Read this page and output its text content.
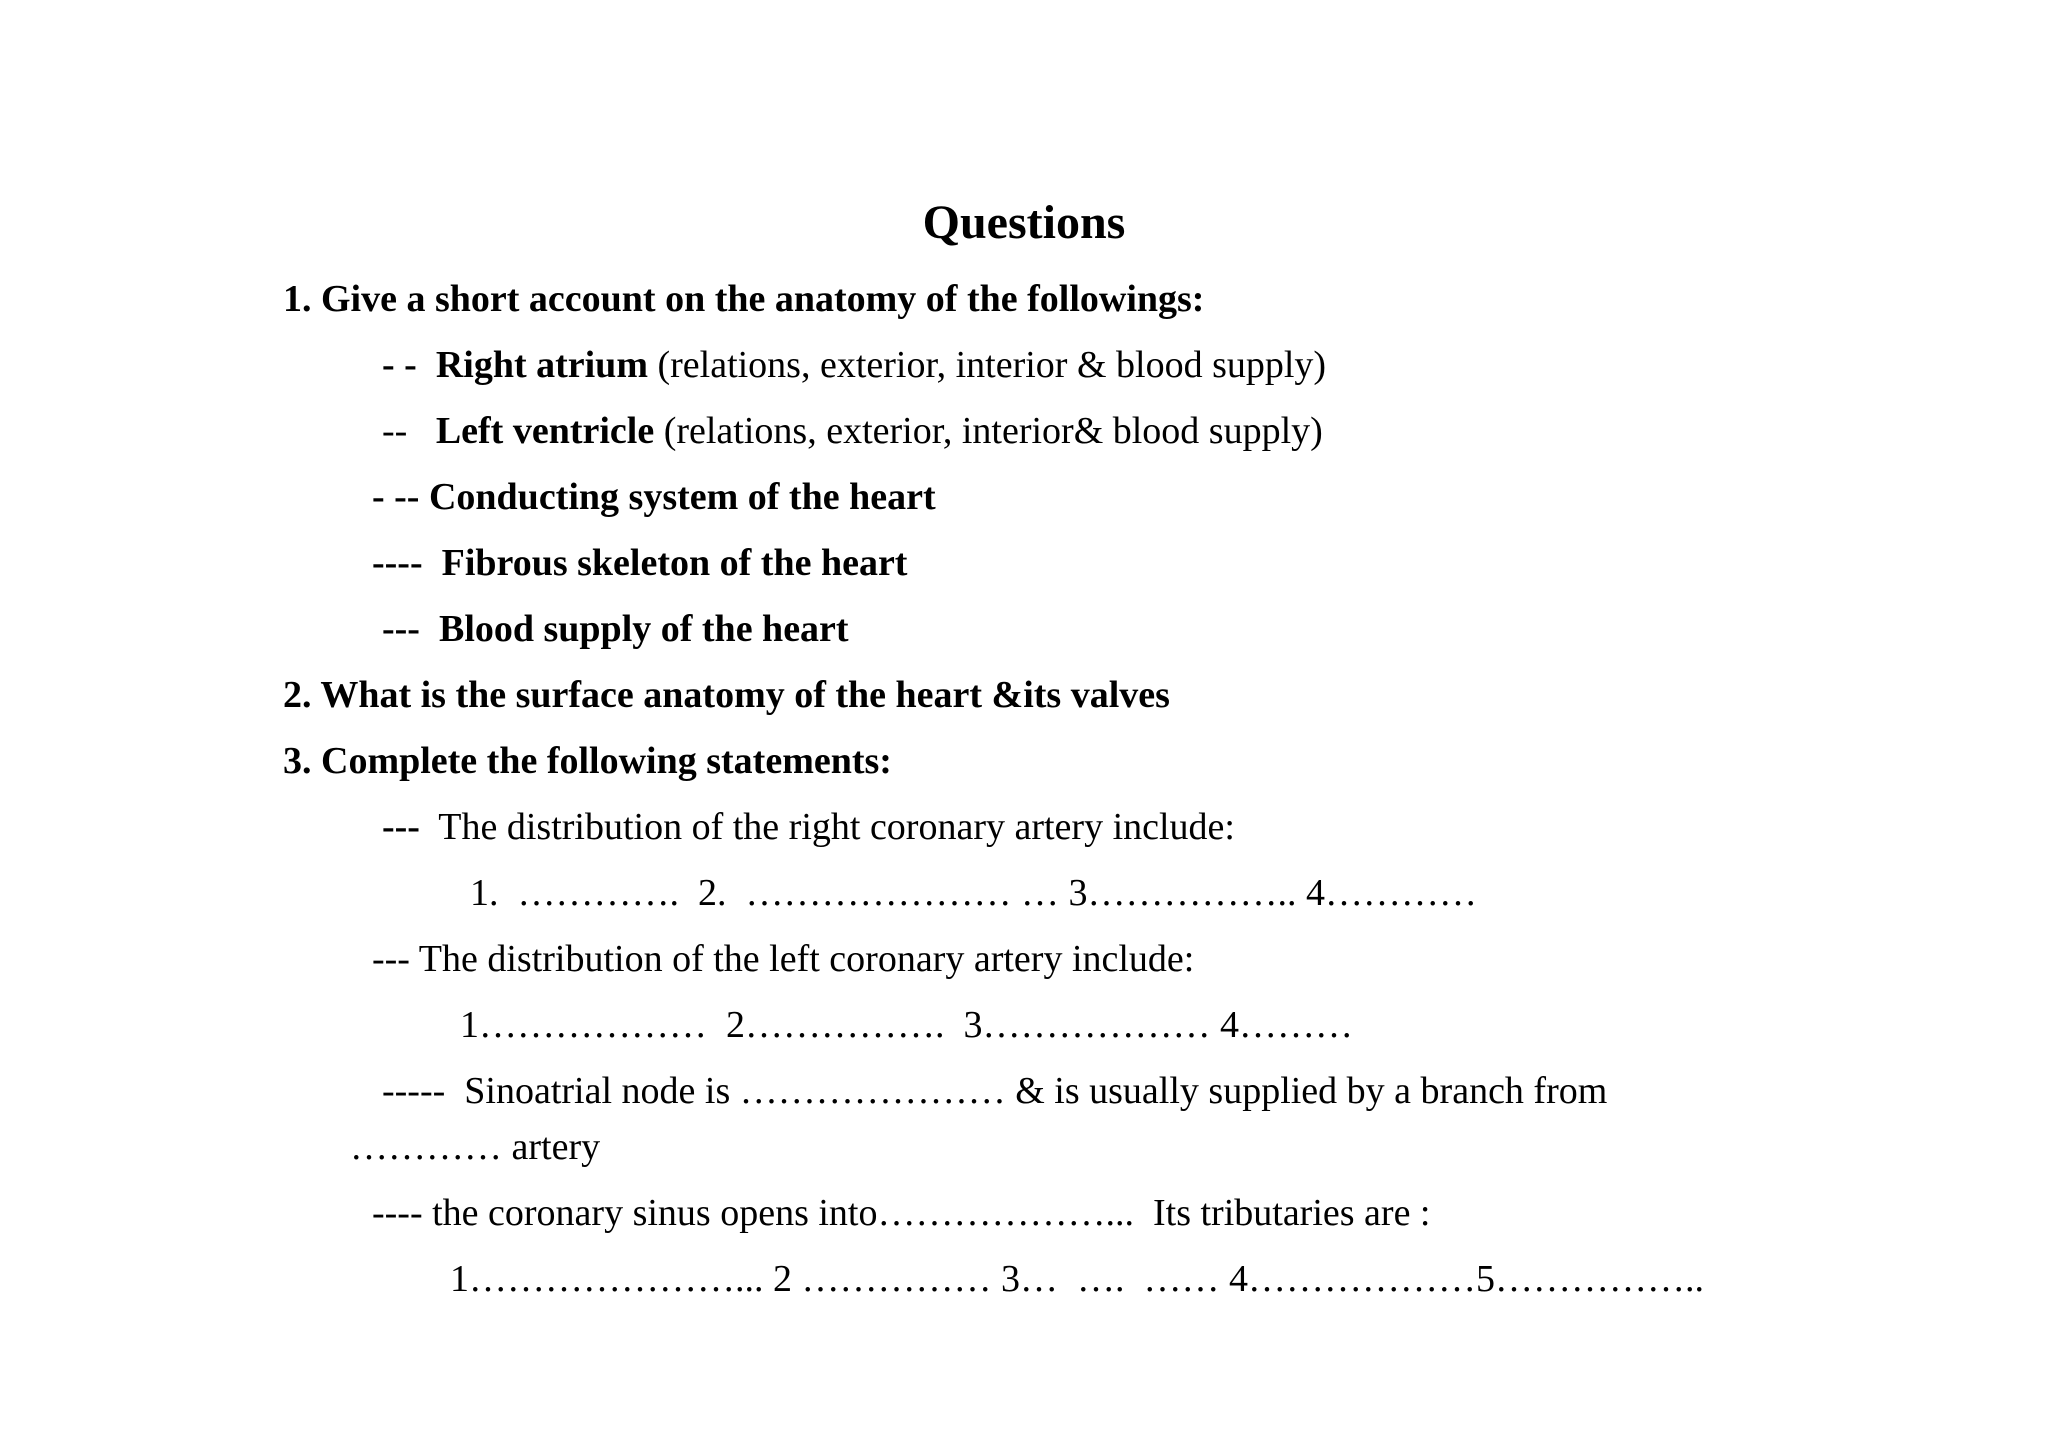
Questions
1. Give a short account on the anatomy of the followings:
- -  Right atrium (relations, exterior, interior & blood supply)
--   Left ventricle (relations, exterior, interior& blood supply)
- -- Conducting system of the heart
----  Fibrous skeleton of the heart
---  Blood supply of the heart
2. What is the surface anatomy of the heart &its valves
3. Complete the following statements:
---  The distribution of the right coronary artery include:
1.  ………….  2.  ………………… … 3…………….. 4…………
--- The distribution of the left coronary artery include:
1………………  2…………….  3……………… 4………
-----  Sinoatrial node is ………………… & is usually supplied by a branch from
………… artery
---- the coronary sinus opens into………………...  Its tributaries are :
1…………………... 2 …………… 3…  ….  …… 4………………5……………..
